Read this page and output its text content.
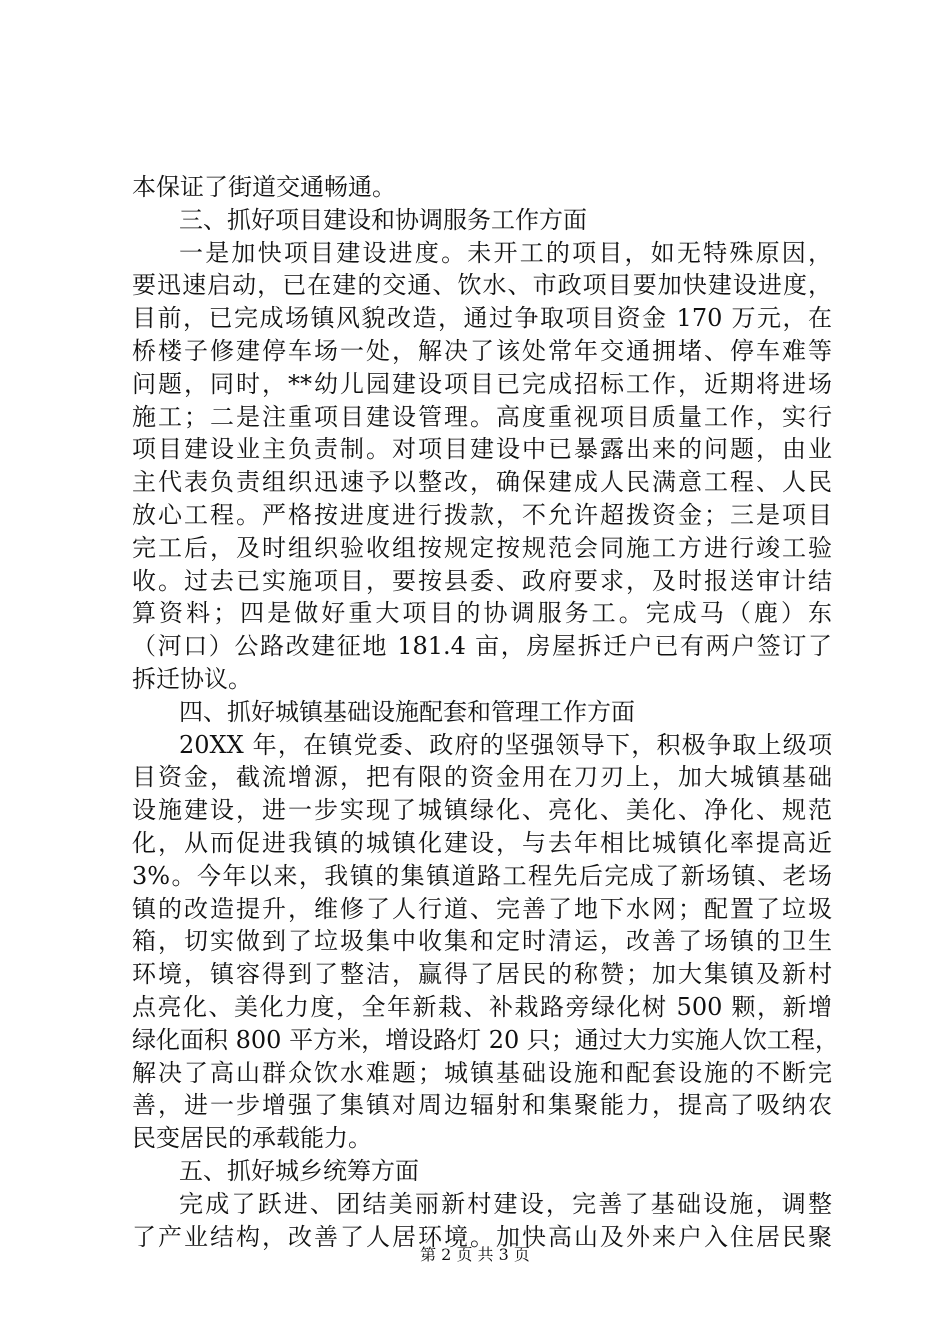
本保证了街道交通畅通。
三、抓好项目建设和协调服务工作方面
一是加快项目建设进度。未开工的项目，如无特殊原因，
要迅速启动，已在建的交通、饮水、市政项目要加快建设进度，
目前，已完成场镇风貌改造，通过争取项目资金 170 万元，在
桥楼子修建停车场一处，解决了该处常年交通拥堵、停车难等
问题，同时，**幼儿园建设项目已完成招标工作，近期将进场
施工；二是注重项目建设管理。高度重视项目质量工作，实行
项目建设业主负责制。对项目建设中已暴露出来的问题，由业
主代表负责组织迅速予以整改，确保建成人民满意工程、人民
放心工程。严格按进度进行拨款，不允许超拨资金；三是项目
完工后，及时组织验收组按规定按规范会同施工方进行竣工验
收。过去已实施项目，要按县委、政府要求，及时报送审计结
算资料；四是做好重大项目的协调服务工。完成马（鹿）东
（河口）公路改建征地 181.4 亩，房屋拆迁户已有两户签订了
拆迁协议。
四、抓好城镇基础设施配套和管理工作方面
20XX 年，在镇党委、政府的坚强领导下，积极争取上级项
目资金，截流增源，把有限的资金用在刀刃上，加大城镇基础
设施建设，进一步实现了城镇绿化、亮化、美化、净化、规范
化，从而促进我镇的城镇化建设，与去年相比城镇化率提高近
3%。今年以来，我镇的集镇道路工程先后完成了新场镇、老场
镇的改造提升，维修了人行道、完善了地下水网；配置了垃圾
箱，切实做到了垃圾集中收集和定时清运，改善了场镇的卫生
环境，镇容得到了整洁，赢得了居民的称赞；加大集镇及新村
点亮化、美化力度，全年新栽、补栽路旁绿化树 500 颗，新增
绿化面积 800 平方米，增设路灯 20 只；通过大力实施人饮工程，
解决了高山群众饮水难题；城镇基础设施和配套设施的不断完
善，进一步增强了集镇对周边辐射和集聚能力，提高了吸纳农
民变居民的承载能力。
五、抓好城乡统筹方面
完成了跃进、团结美丽新村建设，完善了基础设施，调整
了产业结构，改善了人居环境。加快高山及外来户入住居民聚
第 2 页 共 3 页
